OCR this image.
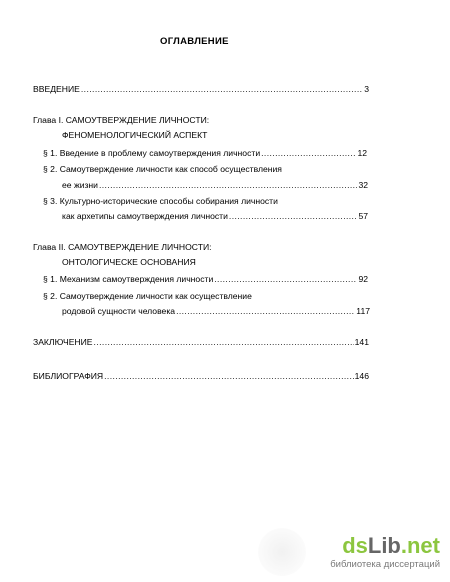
ОГЛАВЛЕНИЕ
ВВЕДЕНИЕ .....	3
Глава I. САМОУТВЕРЖДЕНИЕ ЛИЧНОСТИ:
ФЕНОМЕНОЛОГИЧЕСКИЙ АСПЕКТ
§ 1. Введение в проблему самоутверждения личности .....	12
§ 2. Самоутверждение личности как способ осуществления
ее жизни .....	32
§ 3. Культурно-исторические способы собирания личности
как архетипы самоутверждения личности .....	57
Глава II. САМОУТВЕРЖДЕНИЕ ЛИЧНОСТИ:
ОНТОЛОГИЧЕСКЕ ОСНОВАНИЯ
§ 1. Механизм самоутверждения личности .....	92
§ 2. Самоутверждение личности как осуществление
родовой сущности человека .....	117
ЗАКЛЮЧЕНИЕ .....	141
БИБЛИОГРАФИЯ .....	146
dsLib.net
библиотека диссертаций
